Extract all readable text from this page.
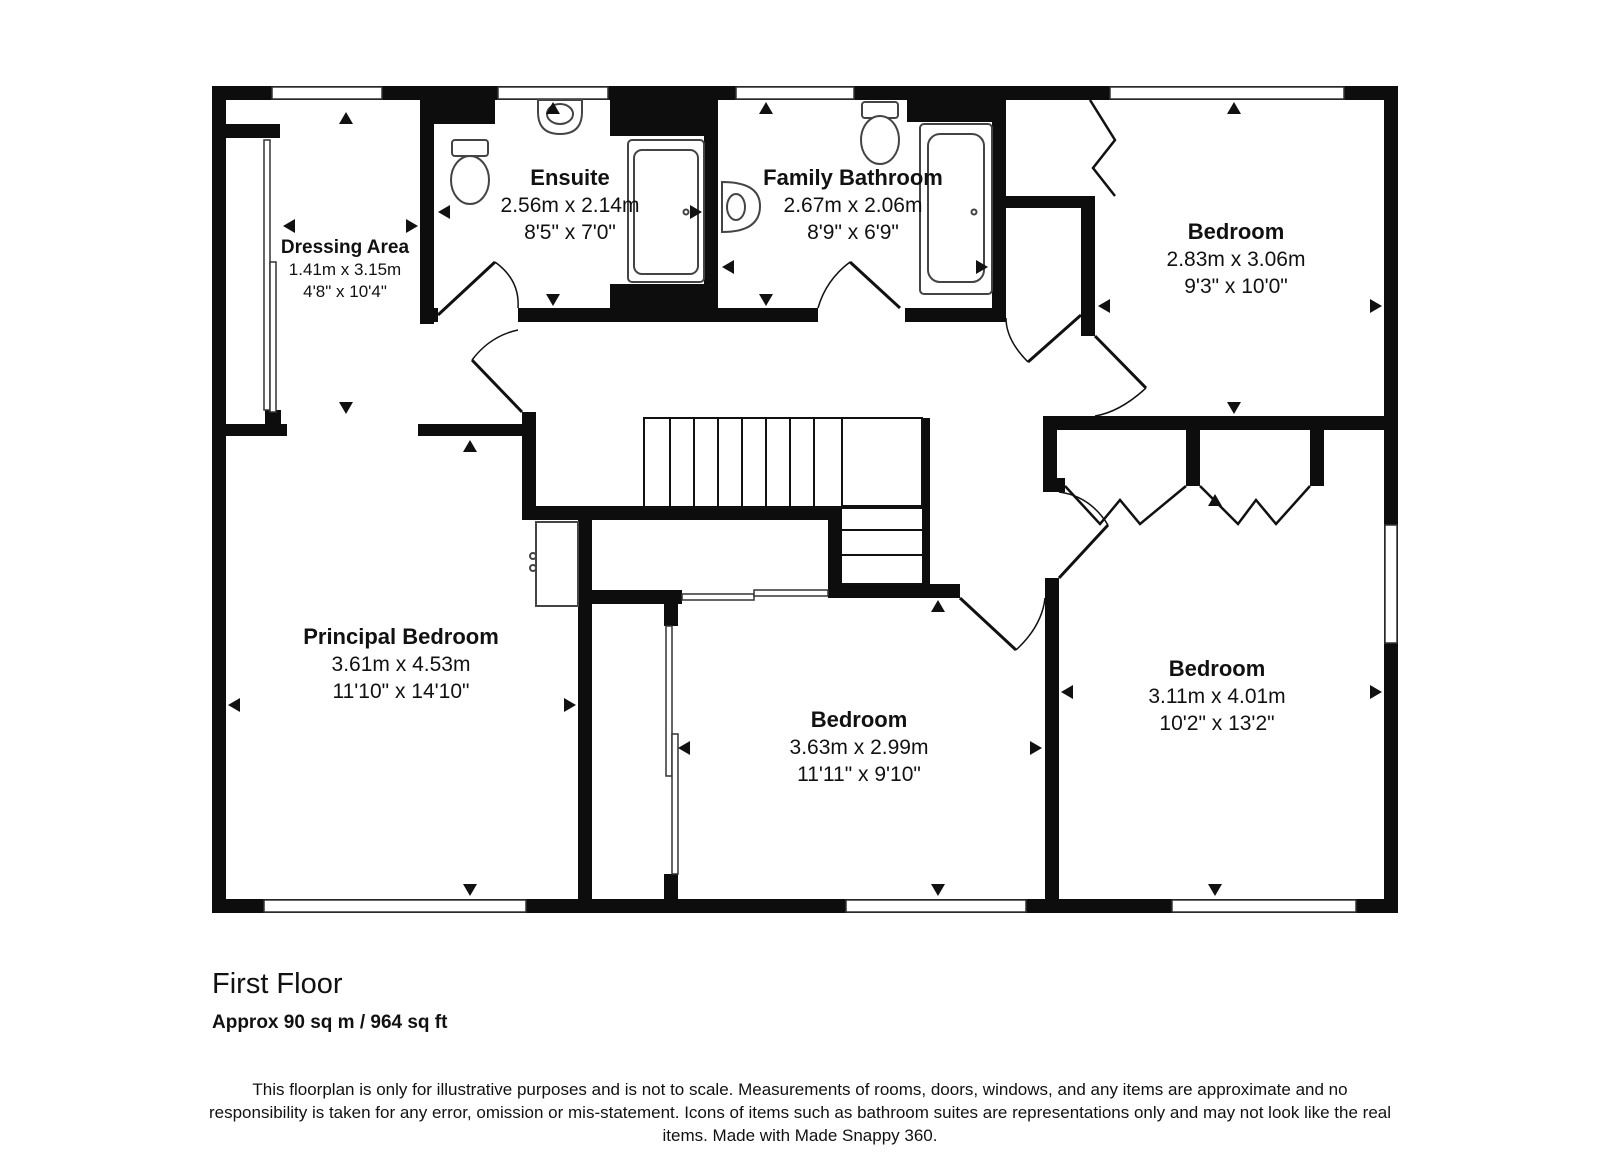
Dressing Area
1.41m x 3.15m
4'8" x 10'4"
Ensuite
2.56m x 2.14m
8'5" x 7'0"
Family Bathroom
2.67m x 2.06m
8'9" x 6'9"	Bedroom
2.83m x 3.06m
9'3" x 10'0"
Principal Bedroom
3.61m x 4.53m
11'10" x 14'10"
Bedroom
3.63m x 2.99m
11'11" x 9'10"
Bedroom
3.11m x 4.01m
10'2" x 13'2"
First Floor
Approx 90 sq m / 964 sq ft
This floorplan is only for illustrative purposes and is not to scale. Measurements of rooms, doors, windows, and any items are approximate and no responsibility is taken for any error, omission or mis-statement. Icons of items such as bathroom suites are representations only and may not look like the real items. Made with Made Snappy 360.
